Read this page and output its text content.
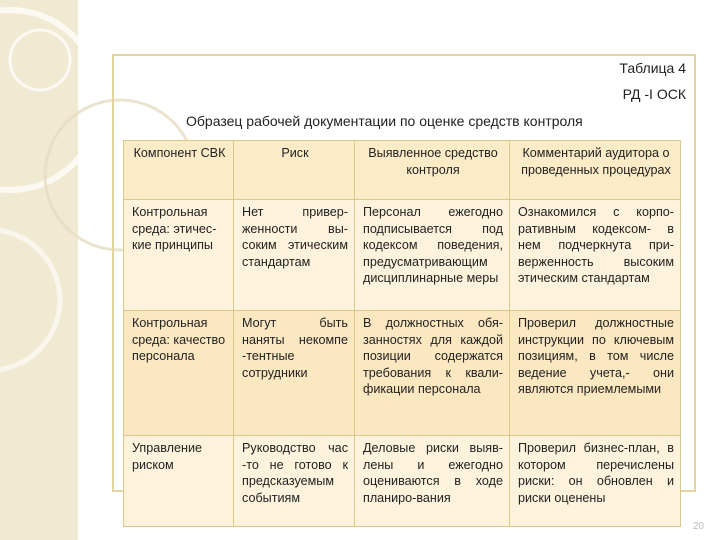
Таблица 4
РД -I ОСК
Образец рабочей документации по оценке средств контроля
Компонент СВК	Риск	Выявленное средство контроля	Комментарий аудитора о проведенных процедурах
Контрольная среда: этичес-кие принципы	Нет привер-женности вы-соким этическим стандартам	Персонал ежегодно подписывается под кодексом поведения, предусматривающим дисциплинарные меры	Ознакомился с корпо-ративным кодексом- в нем подчеркнута при-верженность высоким этическим стандартам
Контрольная среда: качество персонала	Могут быть наняты некомпе -тентные сотрудники	В должностных обя-занностях для каждой позиции содержатся требования к квали-фикации персонала	Проверил должностные инструкции по ключевым позициям, в том числе ведение учета,- они являются приемлемыми
Управление риском	Руководство час -то не готово к предсказуемым событиям	Деловые риски выяв-лены и ежегодно оцениваются в ходе планиро-вания	Проверил бизнес-план, в котором перечислены риски: он обновлен и риски оценены
20
